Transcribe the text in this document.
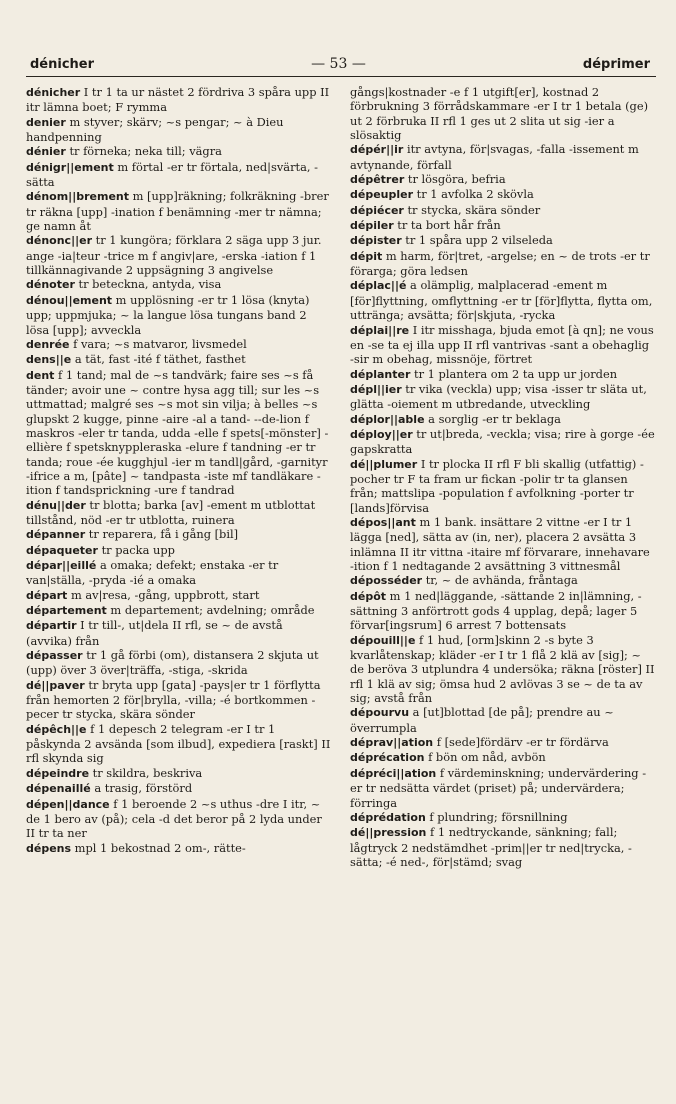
dénicher	— 53 —	déprimer

dénicher I tr 1 ta ur nästet 2 fördriva 3 spåra upp II itr lämna boet; F rymma

denier m styver; skärv; ~s pengar; ~ à Dieu handpenning

dénier tr förneka; neka till; vägra

dénigr||ement m förtal -er tr förtala, ned|svärta, -sätta

dénom||brement m [upp]räkning; folkräkning -brer tr räkna [upp] -ination f benämning -mer tr nämna; ge namn åt

dénonc||er tr 1 kungöra; förklara 2 säga upp 3 jur. ange -ia|teur -trice m f angiv|are, -erska -iation f 1 tillkännagivande 2 uppsägning 3 angivelse

dénoter tr beteckna, antyda, visa

dénou||ement m upplösning -er tr 1 lösa (knyta) upp; uppmjuka; ~ la langue lösa tungans band 2 lösa [upp]; avveckla

denrée f vara; ~s matvaror, livsmedel

dens||e a tät, fast -ité f täthet, fasthet

dent f 1 tand; mal de ~s tandvärk; faire ses ~s få tänder; avoir une ~ contre hysa agg till; sur les ~s uttmattad; malgré ses ~s mot sin vilja; à belles ~s glupskt 2 kugge, pinne -aire -al a tand- --de-lion f maskros -eler tr tanda, udda -elle f spets[-mönster] -ellière f spetsknyppleraska -elure f tandning -er tr tanda; roue -ée kugghjul -ier m tandl|gård, -garnityr -ifrice a m, [pâte] ~ tandpasta -iste mf tandläkare -ition f tandsprickning -ure f tandrad

dénu||der tr blotta; barka [av] -ement m utblottat tillstånd, nöd -er tr utblotta, ruinera

dépanner tr reparera, få i gång [bil]

dépaqueter tr packa upp

dépar||eillé a omaka; defekt; enstaka -er tr van|ställa, -pryda -ié a omaka

départ m av|resa, -gång, uppbrott, start

département m departement; avdelning; område

départir I tr till-, ut|dela II rfl, se ~ de avstå (avvika) från

dépasser tr 1 gå förbi (om), distansera 2 skjuta ut (upp) över 3 över|träffa, -stiga, -skrida

dé||paver tr bryta upp [gata] -pays|er tr 1 förflytta från hemorten 2 för|brylla, -villa; -é bortkommen -pecer tr stycka, skära sönder

dépêch||e f 1 depesch 2 telegram -er I tr 1 påskynda 2 avsända [som ilbud], expediera [raskt] II rfl skynda sig

dépeindre tr skildra, beskriva

dépenaillé a trasig, förstörd

dépen||dance f 1 beroende 2 ~s uthus -dre I itr, ~ de 1 bero av (på); cela -d det beror på 2 lyda under II tr ta ner

dépens mpl 1 bekostnad 2 om-, rätte-

gångs|kostnader -e f 1 utgift[er], kostnad 2 förbrukning 3 förrådskammare -er I tr 1 betala (ge) ut 2 förbruka II rfl 1 ges ut 2 slita ut sig -ier a slösaktig

dépér||ir itr avtyna, för|svagas, -falla -issement m avtynande, förfall

dépêtrer tr lösgöra, befria

dépeupler tr 1 avfolka 2 skövla

dépiécer tr stycka, skära sönder

dépiler tr ta bort hår från

dépister tr 1 spåra upp 2 vilseleda

dépit m harm, för|tret, -argelse; en ~ de trots -er tr förarga; göra ledsen

déplac||é a olämplig, malplacerad -ement m [för]flyttning, omflyttning -er tr [för]flytta, flytta om, uttränga; avsätta; för|skjuta, -rycka

déplai||re I itr misshaga, bjuda emot [à qn]; ne vous en -se ta ej illa upp II rfl vantrivas -sant a obehaglig -sir m obehag, missnöje, förtret

déplanter tr 1 plantera om 2 ta upp ur jorden

dépl||ier tr vika (veckla) upp; visa -isser tr släta ut, glätta -oiement m utbredande, utveckling

déplor||able a sorglig -er tr beklaga

déploy||er tr ut|breda, -veckla; visa; rire à gorge -ée gapskratta

dé||plumer I tr plocka II rfl F bli skallig (utfattig) -pocher tr F ta fram ur fickan -polir tr ta glansen från; mattslipa -population f avfolkning -porter tr [lands]förvisa

dépos||ant m 1 bank. insättare 2 vittne -er I tr 1 lägga [ned], sätta av (in, ner), placera 2 avsätta 3 inlämna II itr vittna -itaire mf förvarare, innehavare -ition f 1 nedtagande 2 avsättning 3 vittnesmål

déposséder tr, ~ de avhända, fråntaga

dépôt m 1 ned|läggande, -sättande 2 in|lämning, -sättning 3 anförtrott gods 4 upplag, depå; lager 5 förvar[ingsrum] 6 arrest 7 bottensats

dépouill||e f 1 hud, [orm]skinn 2 -s byte 3 kvarlåtenskap; kläder -er I tr 1 flå 2 klä av [sig]; ~ de beröva 3 utplundra 4 undersöka; räkna [röster] II rfl 1 klä av sig; ömsa hud 2 avlövas 3 se ~ de ta av sig; avstå från

dépourvu a [ut]blottad [de på]; prendre au ~ överrumpla

déprav||ation f [sede]fördärv -er tr fördärva

déprécation f bön om nåd, avbön

dépréci||ation f värdeminskning; undervärdering -er tr nedsätta värdet (priset) på; undervärdera; förringa

déprédation f plundring; försnillning

dé||pression f 1 nedtryckande, sänkning; fall; lågtryck 2 nedstämdhet -prim||er tr ned|trycka, -sätta; -é ned-, för|stämd; svag
